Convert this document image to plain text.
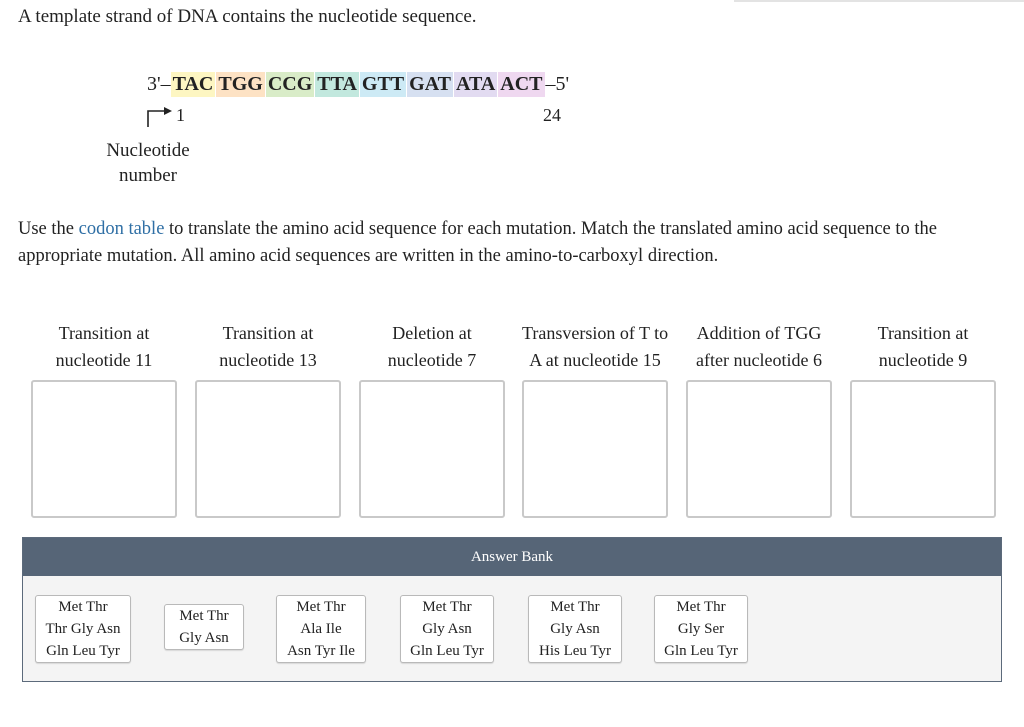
A template strand of DNA contains the nucleotide sequence.
3'– TAC TGG CCG TTA GTT GAT ATA ACT –5'
1	24
Nucleotide
number
Use the codon table to translate the amino acid sequence for each mutation. Match the translated amino acid sequence to the appropriate mutation. All amino acid sequences are written in the amino-to-carboxyl direction.
Transition at
nucleotide 11
Transition at
nucleotide 13
Deletion at
nucleotide 7
Transversion of T to
A at nucleotide 15
Addition of TGG
after nucleotide 6
Transition at
nucleotide 9
Answer Bank
Met Thr
Thr Gly Asn
Gln Leu Tyr
Met Thr
Gly Asn
Met Thr
Ala Ile
Asn Tyr Ile
Met Thr
Gly Asn
Gln Leu Tyr
Met Thr
Gly Asn
His Leu Tyr
Met Thr
Gly Ser
Gln Leu Tyr
